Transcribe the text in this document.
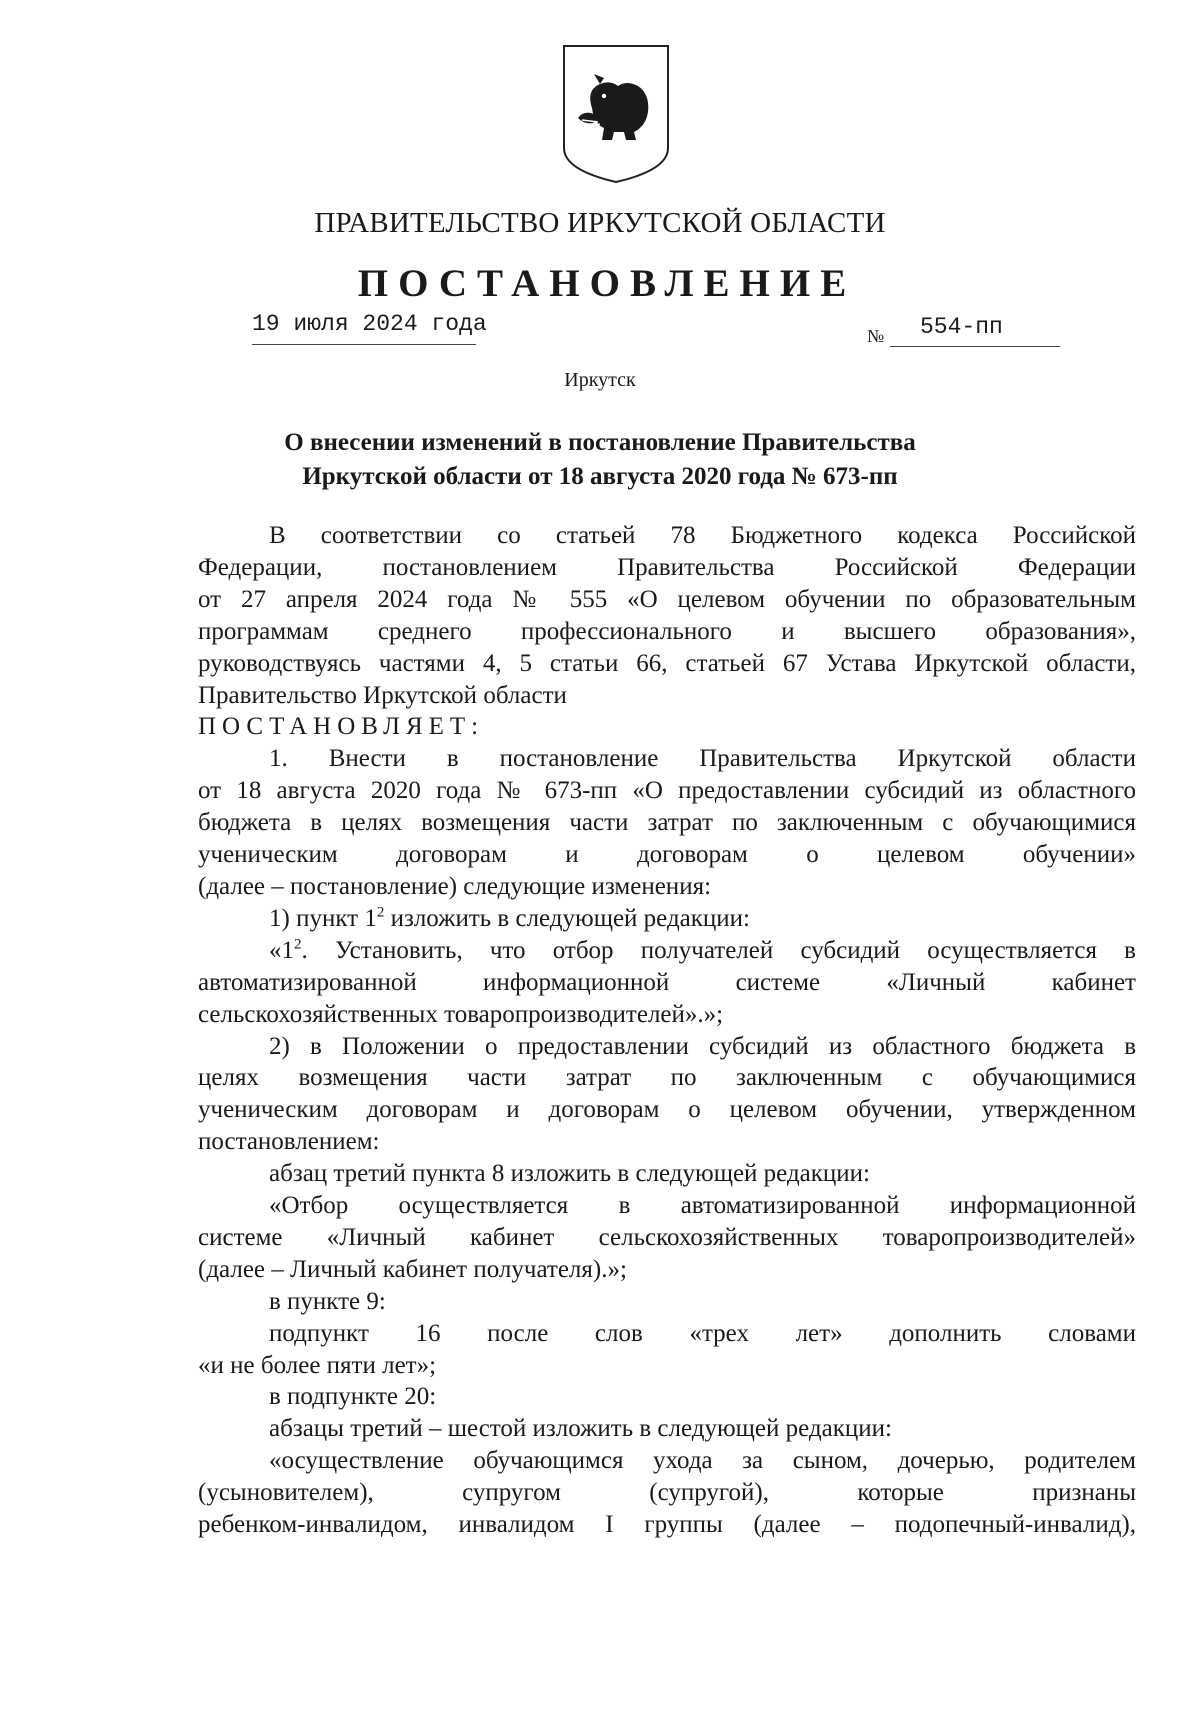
ПРАВИТЕЛЬСТВО ИРКУТСКОЙ ОБЛАСТИ
ПОСТАНОВЛЕНИЕ
19 июля 2024 года	№ 554-пп
Иркутск
О внесении изменений в постановление Правительства
Иркутской области от 18 августа 2020 года № 673-пп

В соответствии со статьей 78 Бюджетного кодекса Российской

Федерации, постановлением Правительства Российской Федерации

от 27 апреля 2024 года № 555 «О целевом обучении по образовательным

программам среднего профессионального и высшего образования»,

руководствуясь частями 4, 5 статьи 66, статьей 67 Устава Иркутской области,

Правительство Иркутской области

ПОСТАНОВЛЯЕТ:

1. Внести в постановление Правительства Иркутской области

от 18 августа 2020 года № 673-пп «О предоставлении субсидий из областного

бюджета в целях возмещения части затрат по заключенным с обучающимися

ученическим договорам и договорам о целевом обучении»

(далее – постановление) следующие изменения:

1) пункт $1^2$ изложить в следующей редакции:

«$1^2$. Установить, что отбор получателей субсидий осуществляется в

автоматизированной информационной системе «Личный кабинет

сельскохозяйственных товаропроизводителей».»;

2) в Положении о предоставлении субсидий из областного бюджета в

целях возмещения части затрат по заключенным с обучающимися

ученическим договорам и договорам о целевом обучении, утвержденном

постановлением:

абзац третий пункта 8 изложить в следующей редакции:

«Отбор осуществляется в автоматизированной информационной

системе «Личный кабинет сельскохозяйственных товаропроизводителей»

(далее – Личный кабинет получателя).»;

в пункте 9:

подпункт 16 после слов «трех лет» дополнить словами

«и не более пяти лет»;

в подпункте 20:

абзацы третий – шестой изложить в следующей редакции:

«осуществление обучающимся ухода за сыном, дочерью, родителем

(усыновителем), супругом (супругой), которые признаны

ребенком-инвалидом, инвалидом I группы (далее – подопечный-инвалид),
